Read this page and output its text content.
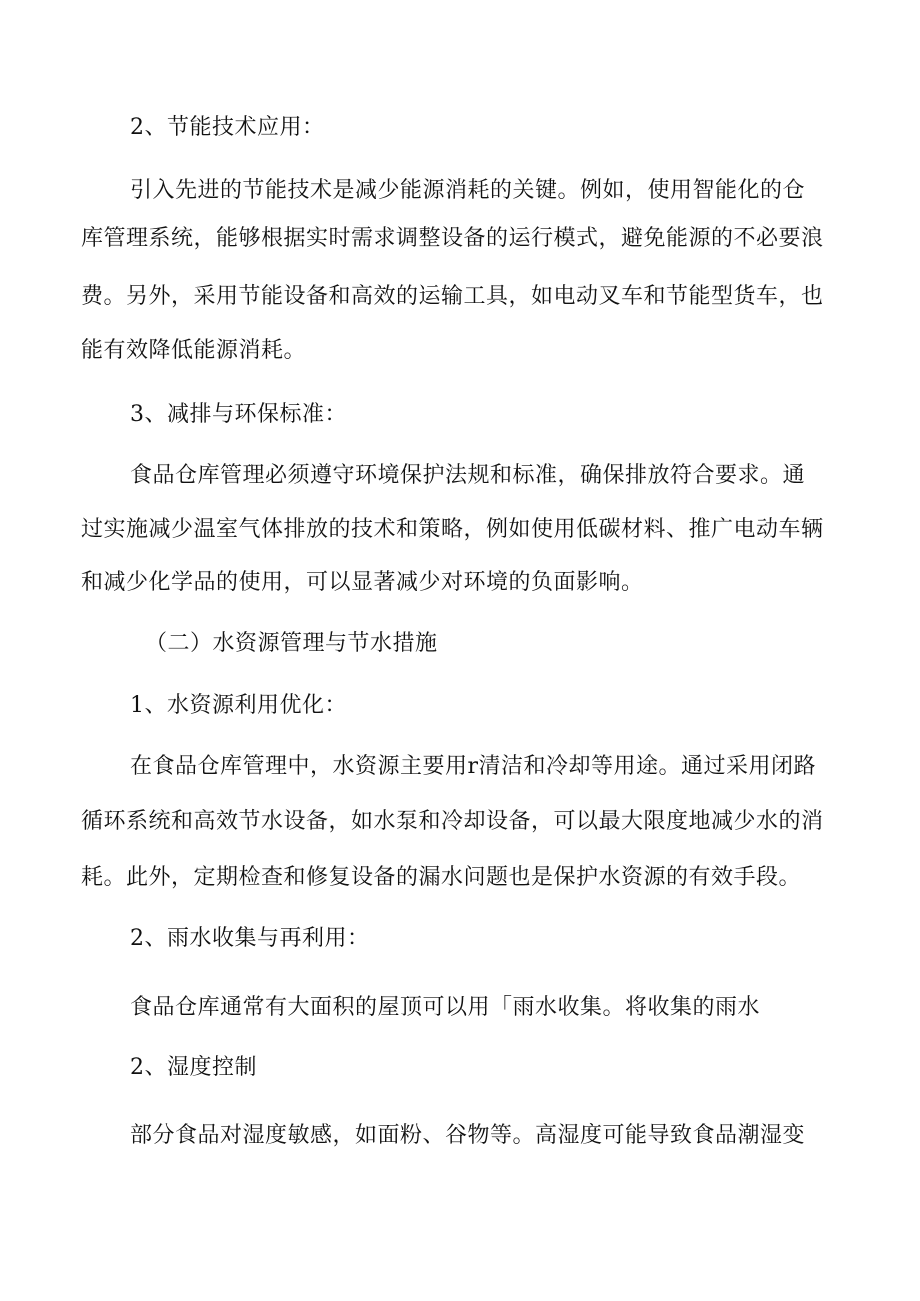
2、节能技术应用：
引入先进的节能技术是减少能源消耗的关键。例如，使用智能化的仓
库管理系统，能够根据实时需求调整设备的运行模式，避免能源的不必要浪
费。另外，采用节能设备和高效的运输工具，如电动叉车和节能型货车，也
能有效降低能源消耗。
3、减排与环保标准：
食品仓库管理必须遵守环境保护法规和标准，确保排放符合要求。通
过实施减少温室气体排放的技术和策略，例如使用低碳材料、推广电动车辆
和减少化学品的使用，可以显著减少对环境的负面影响。
（二）水资源管理与节水措施
1、水资源利用优化：
在食品仓库管理中，水资源主要用r清洁和冷却等用途。通过采用闭路
循环系统和高效节水设备，如水泵和冷却设备，可以最大限度地减少水的消
耗。此外，定期检查和修复设备的漏水问题也是保护水资源的有效手段。
2、雨水收集与再利用：
食品仓库通常有大面积的屋顶可以用「雨水收集。将收集的雨水
2、湿度控制
部分食品对湿度敏感，如面粉、谷物等。高湿度可能导致食品潮湿变
